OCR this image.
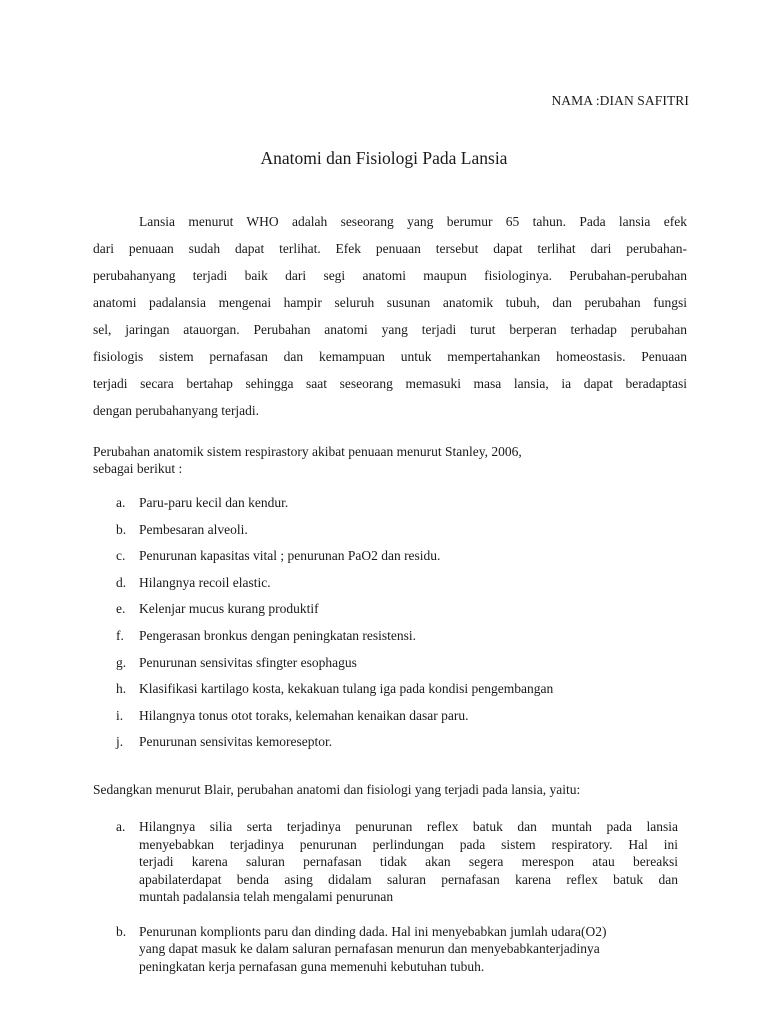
NAMA :DIAN SAFITRI
Anatomi dan Fisiologi Pada Lansia

Lansia menurut WHO adalah seseorang yang berumur 65 tahun. Pada lansia efek
dari penuaan sudah dapat terlihat. Efek penuaan tersebut dapat terlihat dari perubahan-
perubahanyang terjadi baik dari segi anatomi maupun fisiologinya. Perubahan-perubahan
anatomi padalansia mengenai hampir seluruh susunan anatomik tubuh, dan perubahan fungsi
sel, jaringan atauorgan. Perubahan anatomi yang terjadi turut berperan terhadap perubahan
fisiologis sistem pernafasan dan kemampuan untuk mempertahankan homeostasis. Penuaan
terjadi secara bertahap sehingga saat seseorang memasuki masa lansia, ia dapat beradaptasi
dengan perubahanyang terjadi.

Perubahan anatomik sistem respirastory akibat penuaan menurut Stanley, 2006,
sebagai berikut :

a.	Paru-paru kecil dan kendur.
b. Pembesaran alveoli.
c.	Penurunan kapasitas vital ; penurunan PaO2 dan residu.
d. Hilangnya recoil elastic.
e.	Kelenjar mucus kurang produktif
f.	Pengerasan bronkus dengan peningkatan resistensi.
g. Penurunan sensivitas sfingter esophagus
h. Klasifikasi kartilago kosta, kekakuan tulang iga pada kondisi pengembangan
i.	Hilangnya tonus otot toraks, kelemahan kenaikan dasar paru.
j.	Penurunan sensivitas kemoreseptor.

Sedangkan menurut Blair, perubahan anatomi dan fisiologi yang terjadi pada lansia, yaitu:

a.	Hilangnya silia serta terjadinya penurunan reflex batuk dan muntah pada lansia
menyebabkan terjadinya penurunan perlindungan pada sistem respiratory. Hal ini
terjadi karena saluran pernafasan tidak akan segera merespon atau bereaksi
apabilaterdapat benda asing didalam saluran pernafasan karena reflex batuk dan
muntah padalansia telah mengalami penurunan
b. Penurunan komplionts paru dan dinding dada. Hal ini menyebabkan jumlah udara(O2)
yang dapat masuk ke dalam saluran pernafasan menurun dan menyebabkanterjadinya
peningkatan kerja pernafasan guna memenuhi kebutuhan tubuh.
